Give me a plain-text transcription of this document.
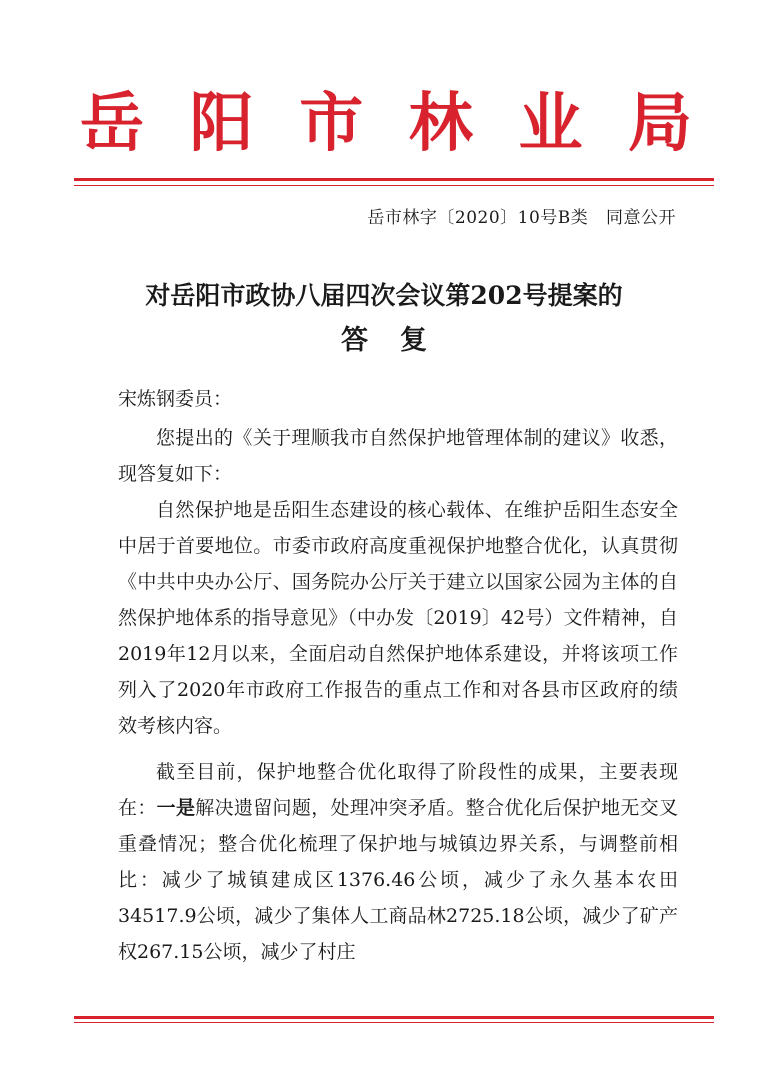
岳 阳 市 林 业 局
岳市林字〔2020〕10号B类   同意公开
对岳阳市政协八届四次会议第202号提案的
答 复
宋炼钢委员：
您提出的《关于理顺我市自然保护地管理体制的建议》收悉，现答复如下：
自然保护地是岳阳生态建设的核心载体、在维护岳阳生态安全中居于首要地位。市委市政府高度重视保护地整合优化，认真贯彻《中共中央办公厅、国务院办公厅关于建立以国家公园为主体的自然保护地体系的指导意见》（中办发〔2019〕42号）文件精神，自2019年12月以来，全面启动自然保护地体系建设，并将该项工作列入了2020年市政府工作报告的重点工作和对各县市区政府的绩效考核内容。
截至目前，保护地整合优化取得了阶段性的成果，主要表现在：一是解决遗留问题，处理冲突矛盾。整合优化后保护地无交叉重叠情况；整合优化梳理了保护地与城镇边界关系，与调整前相比：减少了城镇建成区1376.46公顷，减少了永久基本农田34517.9公顷，减少了集体人工商品林2725.18公顷，减少了矿产权267.15公顷，减少了村庄
